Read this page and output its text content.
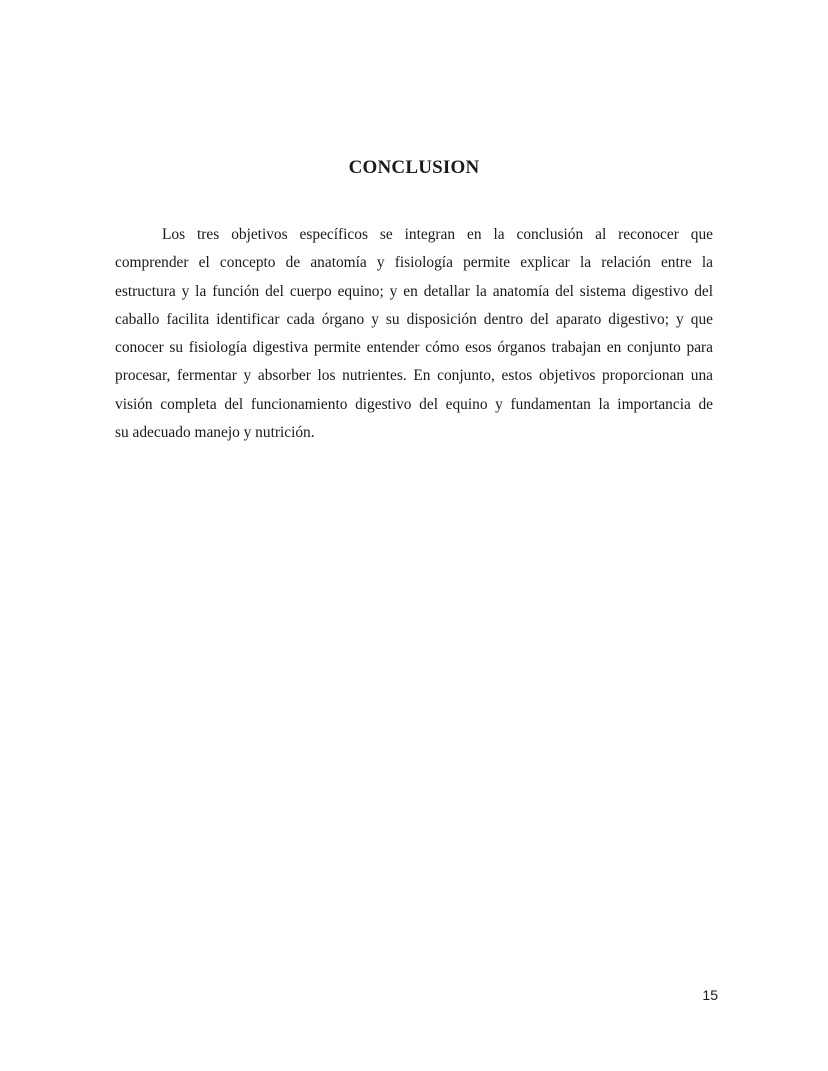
CONCLUSION
Los tres objetivos específicos se integran en la conclusión al reconocer que
comprender el concepto de anatomía y fisiología permite explicar la relación entre la
estructura y la función del cuerpo equino; y en detallar la anatomía del sistema digestivo del
caballo facilita identificar cada órgano y su disposición dentro del aparato digestivo; y que
conocer su fisiología digestiva permite entender cómo esos órganos trabajan en conjunto para
procesar, fermentar y absorber los nutrientes. En conjunto, estos objetivos proporcionan una
visión completa del funcionamiento digestivo del equino y fundamentan la importancia de
su adecuado manejo y nutrición.
15
